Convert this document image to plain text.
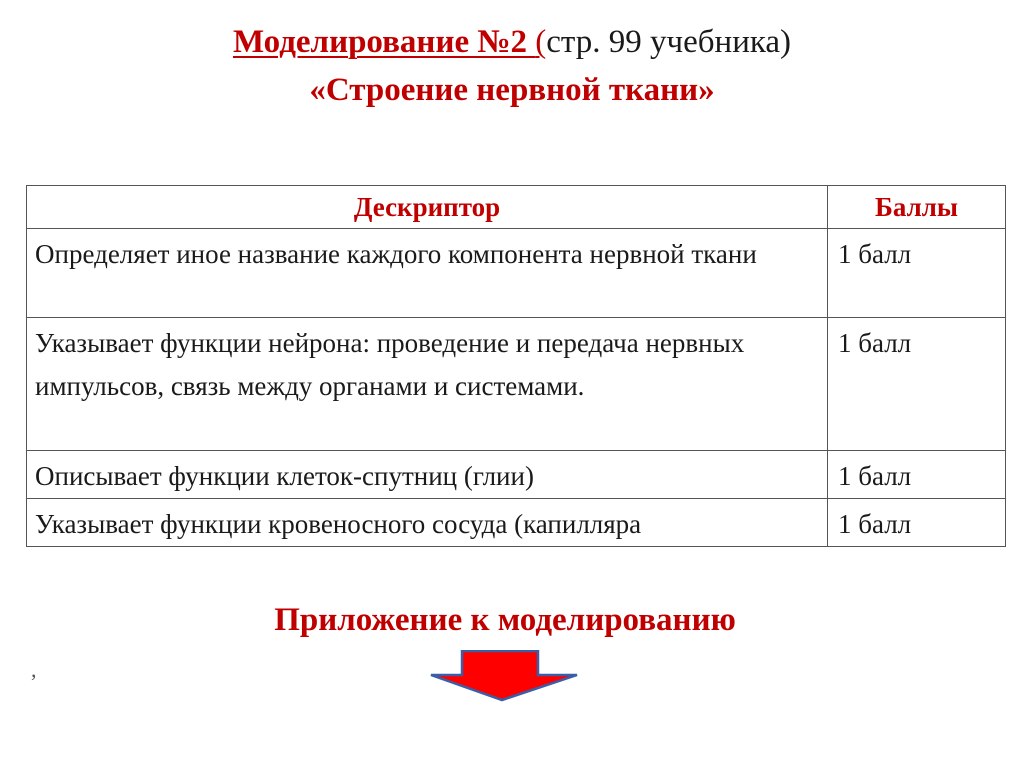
Моделирование №2 (стр. 99 учебника)
«Строение нервной ткани»
Дескриптор	Баллы
Определяет иное название каждого компонента нервной ткани	1 балл
Указывает функции нейрона: проведение и передача нервных импульсов, связь между органами и системами.	1 балл
Описывает функции клеток-спутниц (глии)	1 балл
Указывает функции кровеносного сосуда (капилляра	1 балл
Приложение к моделированию
,
